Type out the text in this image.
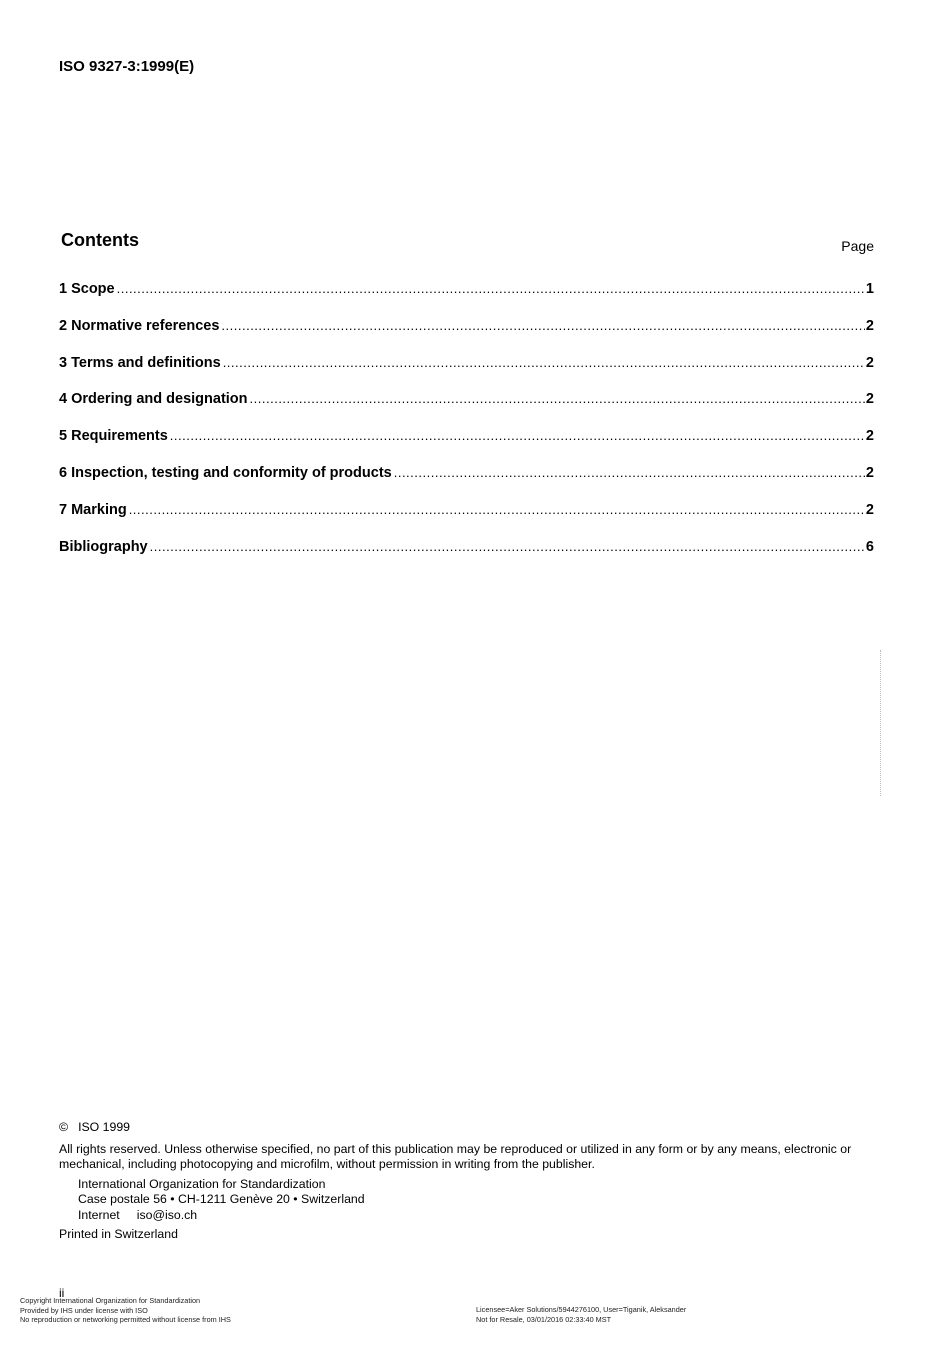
ISO 9327-3:1999(E)
Contents	Page
1 Scope .....	1
2 Normative references .....	2
3 Terms and definitions .....	2
4 Ordering and designation .....	2
5 Requirements .....	2
6 Inspection, testing and conformity of products .....	2
7 Marking .....	2
Bibliography .....	6
© ISO 1999
All rights reserved. Unless otherwise specified, no part of this publication may be reproduced or utilized in any form or by any means, electronic or mechanical, including photocopying and microfilm, without permission in writing from the publisher.
International Organization for Standardization
Case postale 56 • CH-1211 Genève 20 • Switzerland
Internet iso@iso.ch
Printed in Switzerland
ii
Copyright International Organization for Standardization
Provided by IHS under license with ISO
No reproduction or networking permitted without license from IHS
Licensee=Aker Solutions/5944276100, User=Tiganik, Aleksander
Not for Resale, 03/01/2016 02:33:40 MST
